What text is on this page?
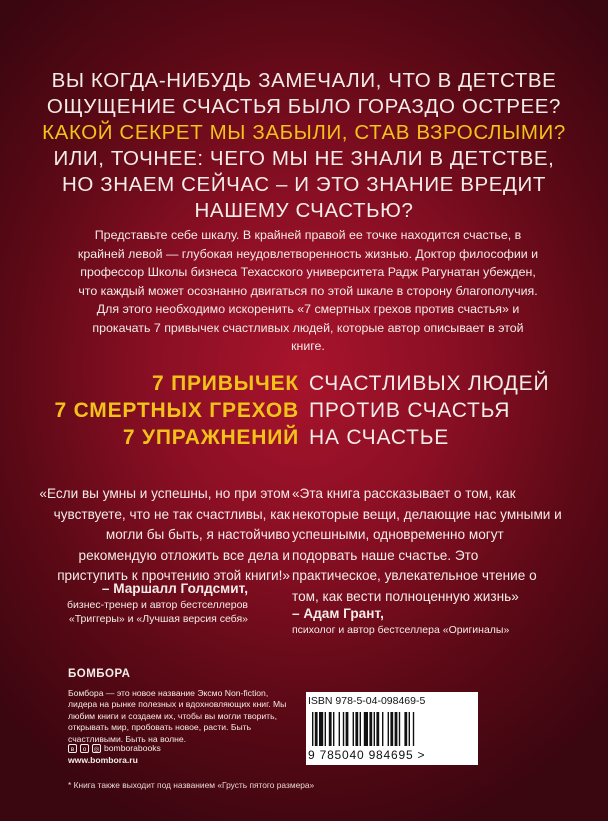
ВЫ КОГДА-НИБУДЬ ЗАМЕЧАЛИ, ЧТО В ДЕТСТВЕ
ОЩУЩЕНИЕ СЧАСТЬЯ БЫЛО ГОРАЗДО ОСТРЕЕ?
КАКОЙ СЕКРЕТ МЫ ЗАБЫЛИ, СТАВ ВЗРОСЛЫМИ?
ИЛИ, ТОЧНЕЕ: ЧЕГО МЫ НЕ ЗНАЛИ В ДЕТСТВЕ,
НО ЗНАЕМ СЕЙЧАС – И ЭТО ЗНАНИЕ ВРЕДИТ
НАШЕМУ СЧАСТЬЮ?
Представьте себе шкалу. В крайней правой ее точке находится счастье, в крайней левой — глубокая неудовлетворенность жизнью. Доктор философии и профессор Школы бизнеса Техасского университета Радж Рагунатан убежден, что каждый может осознанно двигаться по этой шкале в сторону благополучия. Для этого необходимо искоренить «7 смертных грехов против счастья» и прокачать 7 привычек счастливых людей, которые автор описывает в этой книге.
7 ПРИВЫЧЕК СЧАСТЛИВЫХ ЛЮДЕЙ
7 СМЕРТНЫХ ГРЕХОВ ПРОТИВ СЧАСТЬЯ
7 УПРАЖНЕНИЙ НА СЧАСТЬЕ
«Если вы умны и успешны, но при этом чувствуете, что не так счастливы, как могли бы быть, я настойчиво рекомендую отложить все дела и приступить к прочтению этой книги!»
– Маршалл Голдсмит,
бизнес-тренер и автор бестселлеров
«Триггеры» и «Лучшая версия себя»
«Эта книга рассказывает о том, как некоторые вещи, делающие нас умными и успешными, одновременно могут подорвать наше счастье. Это практическое, увлекательное чтение о том, как вести полноценную жизнь»
– Адам Грант,
психолог и автор бестселлера «Оригиналы»
БОМБОРА
Бомбора — это новое название Эксмо Non-fiction, лидера на рынке полезных и вдохновляющих книг. Мы любим книги и создаем их, чтобы вы могли творить, открывать мир, пробовать новое, расти. Быть счастливыми. Быть на волне.
в	о	◎ bomborabooks
www.bombora.ru
* Книга также выходит под названием «Грусть пятого размера»
ISBN 978-5-04-098469-5
9 785040 984695 >
